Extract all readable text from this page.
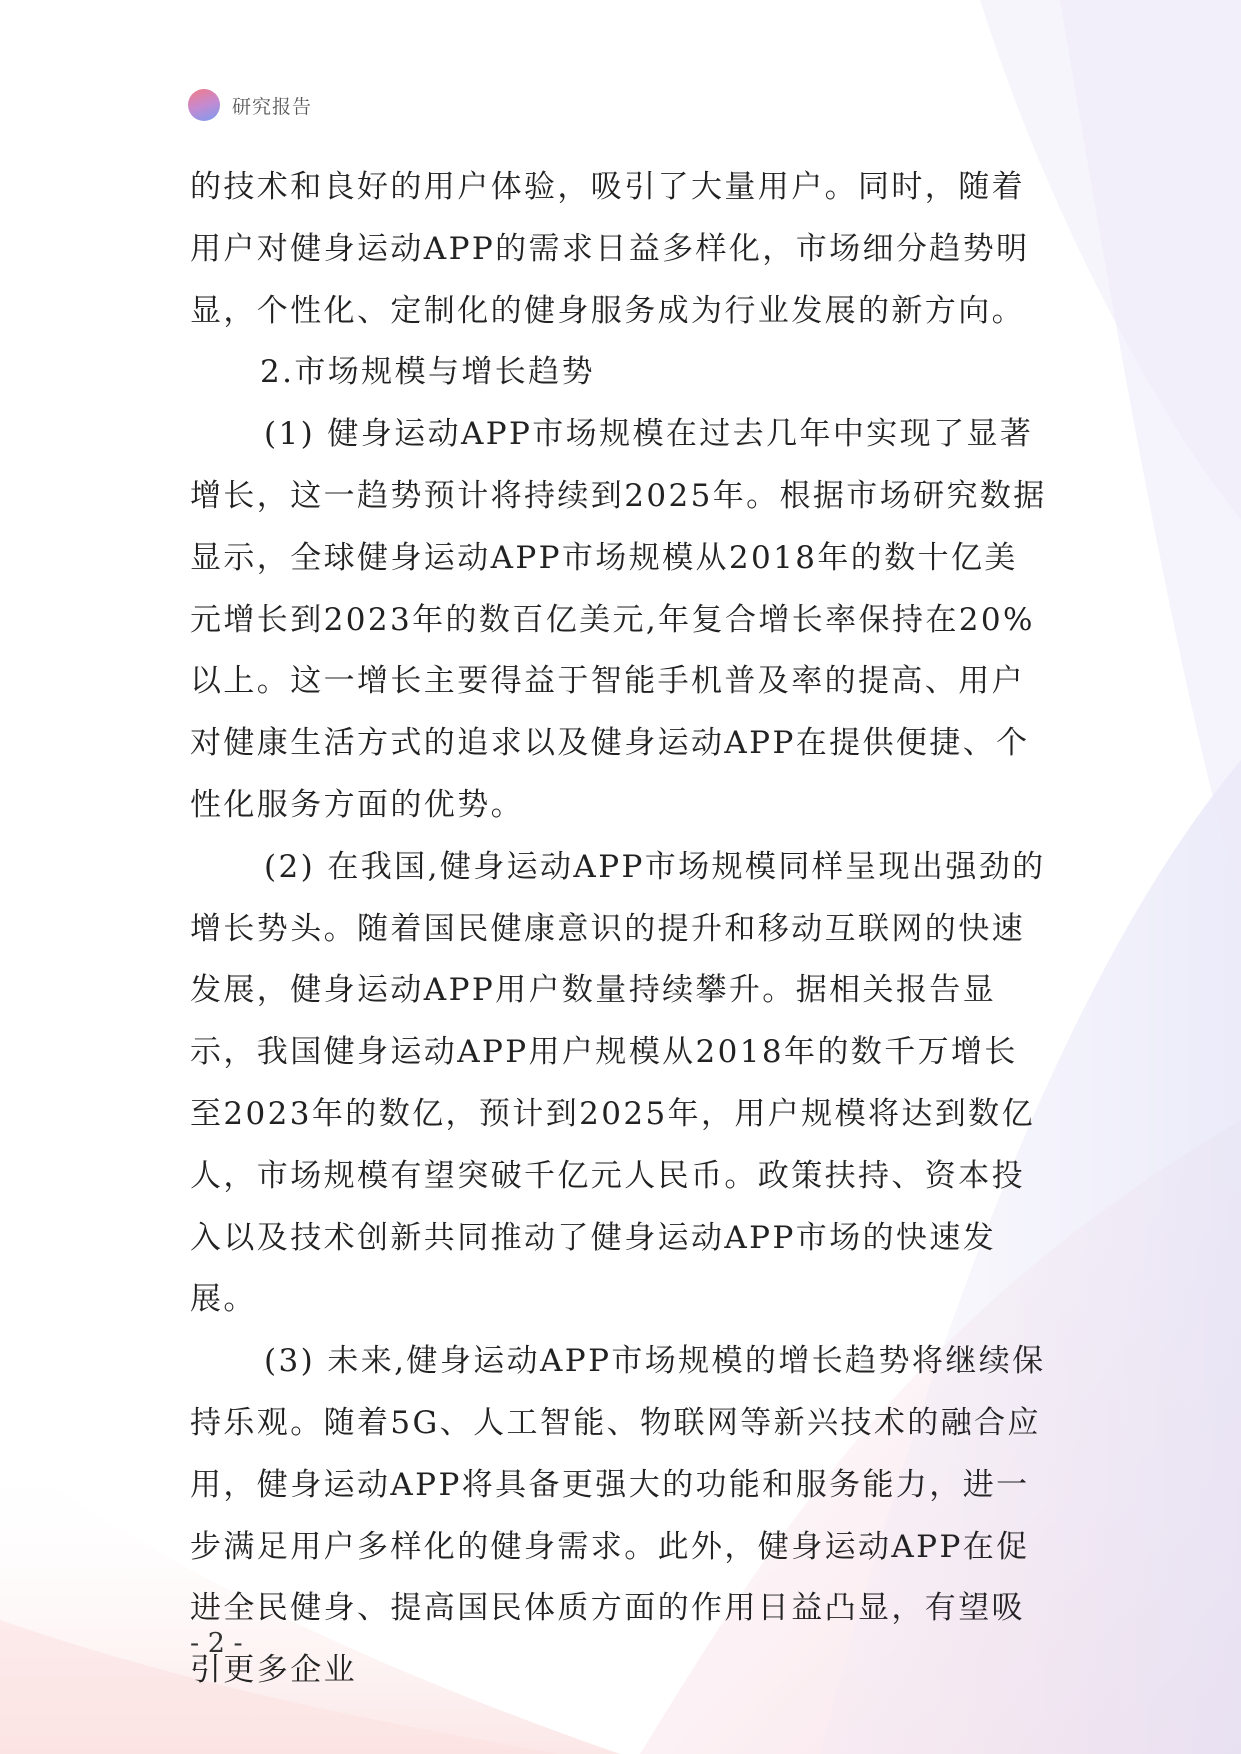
研究报告

的技术和良好的用户体验，吸引了大量用户。同时，随着用户对健身运动APP的需求日益多样化，市场细分趋势明显，个性化、定制化的健身服务成为行业发展的新方向。

2.市场规模与增长趋势

(1) 健身运动APP市场规模在过去几年中实现了显著增长，这一趋势预计将持续到2025年。根据市场研究数据显示，全球健身运动APP市场规模从2018年的数十亿美元增长到2023年的数百亿美元,年复合增长率保持在20%以上。这一增长主要得益于智能手机普及率的提高、用户对健康生活方式的追求以及健身运动APP在提供便捷、个性化服务方面的优势。

(2) 在我国,健身运动APP市场规模同样呈现出强劲的增长势头。随着国民健康意识的提升和移动互联网的快速发展，健身运动APP用户数量持续攀升。据相关报告显示，我国健身运动APP用户规模从2018年的数千万增长至2023年的数亿，预计到2025年，用户规模将达到数亿人，市场规模有望突破千亿元人民币。政策扶持、资本投入以及技术创新共同推动了健身运动APP市场的快速发展。

(3) 未来,健身运动APP市场规模的增长趋势将继续保持乐观。随着5G、人工智能、物联网等新兴技术的融合应用，健身运动APP将具备更强大的功能和服务能力，进一步满足用户多样化的健身需求。此外，健身运动APP在促进全民健身、提高国民体质方面的作用日益凸显，有望吸引更多企业

- 2 -
